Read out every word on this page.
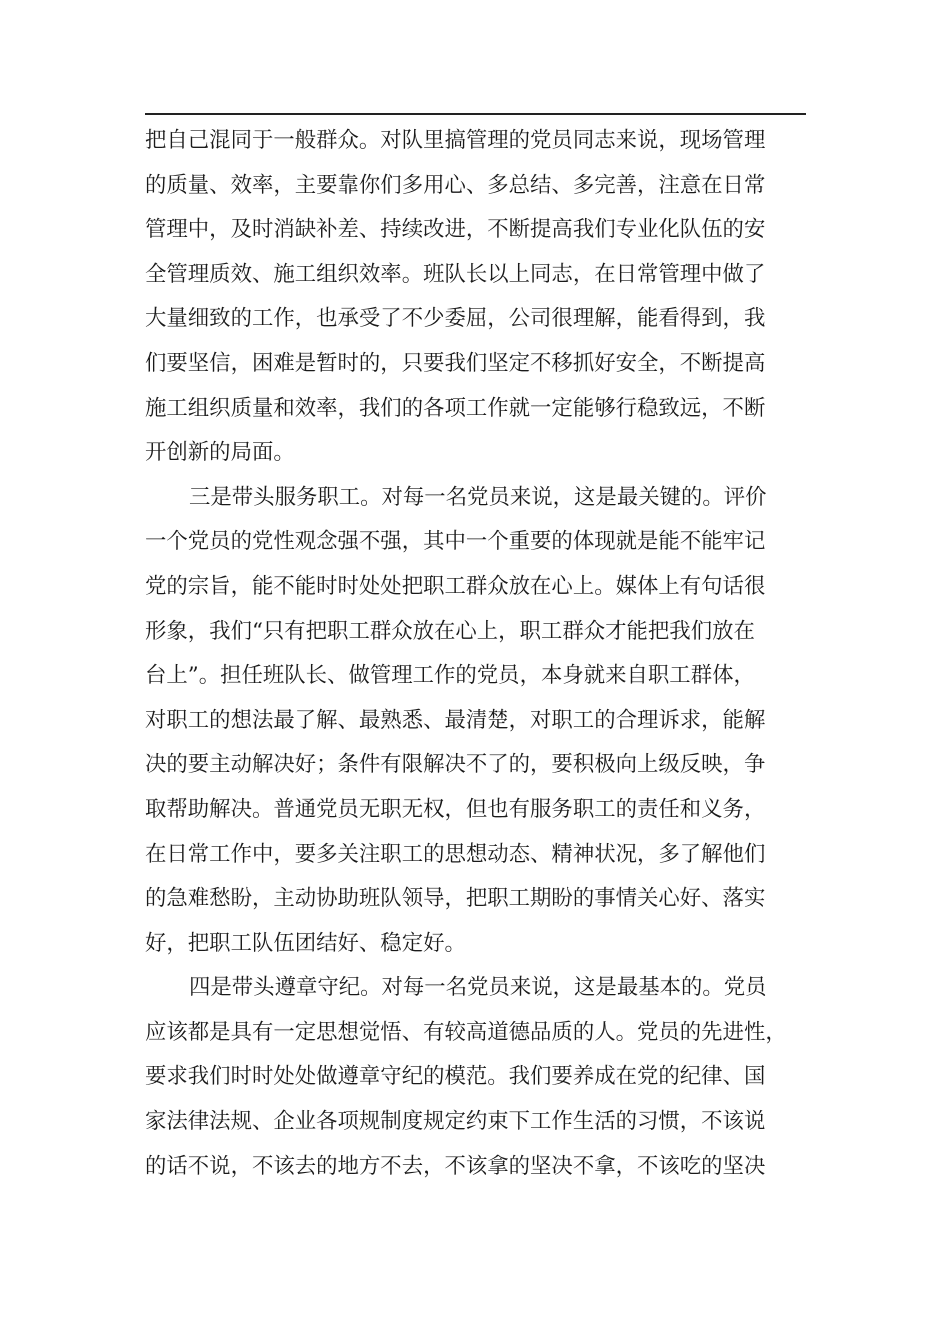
把自己混同于一般群众。对队里搞管理的党员同志来说，现场管理
的质量、效率，主要靠你们多用心、多总结、多完善，注意在日常
管理中，及时消缺补差、持续改进，不断提高我们专业化队伍的安
全管理质效、施工组织效率。班队长以上同志，在日常管理中做了
大量细致的工作，也承受了不少委屈，公司很理解，能看得到，我
们要坚信，困难是暂时的，只要我们坚定不移抓好安全，不断提高
施工组织质量和效率，我们的各项工作就一定能够行稳致远，不断
开创新的局面。
三是带头服务职工。对每一名党员来说，这是最关键的。评价
一个党员的党性观念强不强，其中一个重要的体现就是能不能牢记
党的宗旨，能不能时时处处把职工群众放在心上。媒体上有句话很
形象，我们“只有把职工群众放在心上，职工群众才能把我们放在
台上”。担任班队长、做管理工作的党员，本身就来自职工群体，
对职工的想法最了解、最熟悉、最清楚，对职工的合理诉求，能解
决的要主动解决好；条件有限解决不了的，要积极向上级反映，争
取帮助解决。普通党员无职无权，但也有服务职工的责任和义务，
在日常工作中，要多关注职工的思想动态、精神状况，多了解他们
的急难愁盼，主动协助班队领导，把职工期盼的事情关心好、落实
好，把职工队伍团结好、稳定好。
四是带头遵章守纪。对每一名党员来说，这是最基本的。党员
应该都是具有一定思想觉悟、有较高道德品质的人。党员的先进性，
要求我们时时处处做遵章守纪的模范。我们要养成在党的纪律、国
家法律法规、企业各项规制度规定约束下工作生活的习惯，不该说
的话不说，不该去的地方不去，不该拿的坚决不拿，不该吃的坚决
